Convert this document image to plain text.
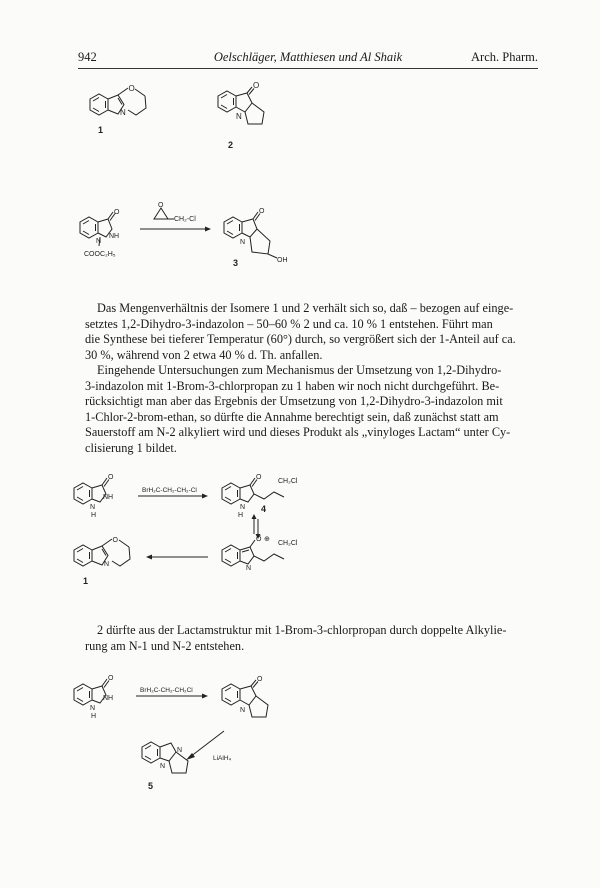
942	Oelschläger, Matthiesen und Al Shaik	Arch. Pharm.
O
N
1
O
N
2
O
NH
N
COOC₂H₅
O
CH₂-Cl
O
N
OH
3
Das Mengenverhältnis der Isomere 1 und 2 verhält sich so, daß – bezogen auf einge-
setztes 1,2-Dihydro-3-indazolon – 50–60 % 2 und ca. 10 % 1 entstehen. Führt man
die Synthese bei tieferer Temperatur (60°) durch, so vergrößert sich der 1-Anteil auf ca.
30 %, während von 2 etwa 40 % d. Th. anfallen.
Eingehende Untersuchungen zum Mechanismus der Umsetzung von 1,2-Dihydro-
3-indazolon mit 1-Brom-3-chlorpropan zu 1 haben wir noch nicht durchgeführt. Be-
rücksichtigt man aber das Ergebnis der Umsetzung von 1,2-Dihydro-3-indazolon mit
1-Chlor-2-brom-ethan, so dürfte die Annahme berechtigt sein, daß zunächst statt am
Sauerstoff am N-2 alkyliert wird und dieses Produkt als „vinyloges Lactam“ unter Cy-
clisierung 1 bildet.
O
NH
N
H
BrH₂C-CH₂-CH₂-Cl
O
CH₂Cl
N
H
4
O̅ ⊕
CH₂Cl
N
O
N
1
2 dürfte aus der Lactamstruktur mit 1-Brom-3-chlorpropan durch doppelte Alkylie-
rung am N-1 und N-2 entstehen.
O
NH
N
H
BrH₂C-CH₂-CH₂Cl
O
N
LiAlH₄
N
N
5
